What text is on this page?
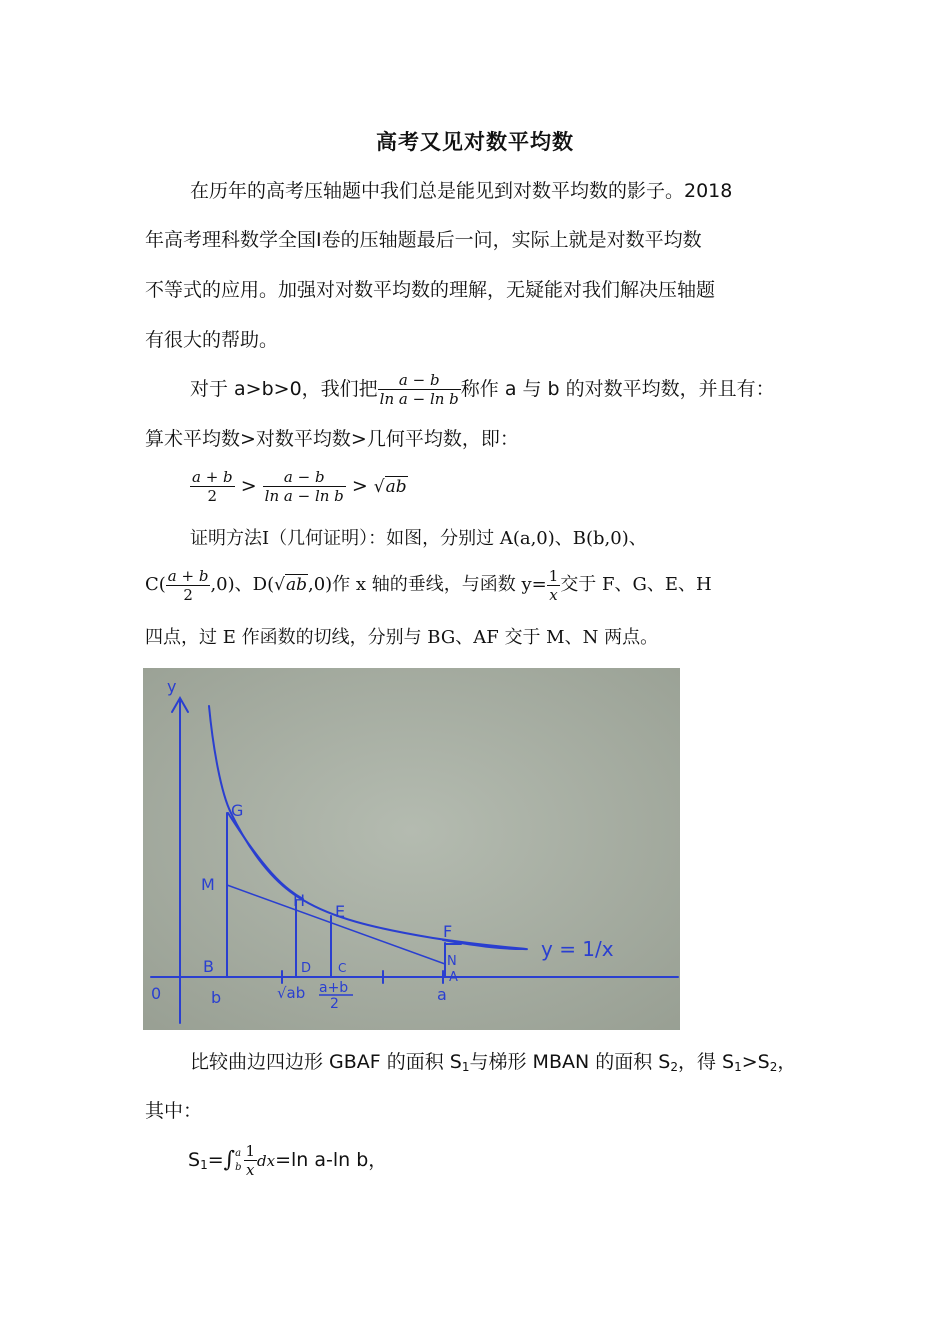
高考又见对数平均数
在历年的高考压轴题中我们总是能见到对数平均数的影子。2018
年高考理科数学全国Ⅰ卷的压轴题最后一问，实际上就是对数平均数
不等式的应用。加强对对数平均数的理解，无疑能对我们解决压轴题
有很大的帮助。
对于 a>b>0，我们把 $\frac{a - b}{\text{ln a − ln b}}$ 称作 a 与 b 的对数平均数，并且有：
算术平均数>对数平均数>几何平均数，即：
$\frac{a + b}{2} > \frac{a - b}{\text{ln a − ln b}} > √ab$
证明方法Ⅰ（几何证明）：如图，分别过 A(a,0)、B(b,0)、
$C( \frac{a + b}{2} ,0)$、D(√ab,0)作 x 轴的垂线，与函数 $y= \frac{1}{x}$ 交于 F、G、E、H
四点，过 E 作函数的切线，分别与 BG、AF 交于 M、N 两点。
y
G
M
H
E
F
N
A
B	D C
0	b	√ab a+b
2	a
y = 1/x
比较曲边四边形 GBAF 的面积 $S_1$与梯形 MBAN 的面积 $S_2$，得 $S_1>S_2$，
其中：
$S_1=\int a$
b $\frac{1}{x} dx=\ln$ a-ln b，
